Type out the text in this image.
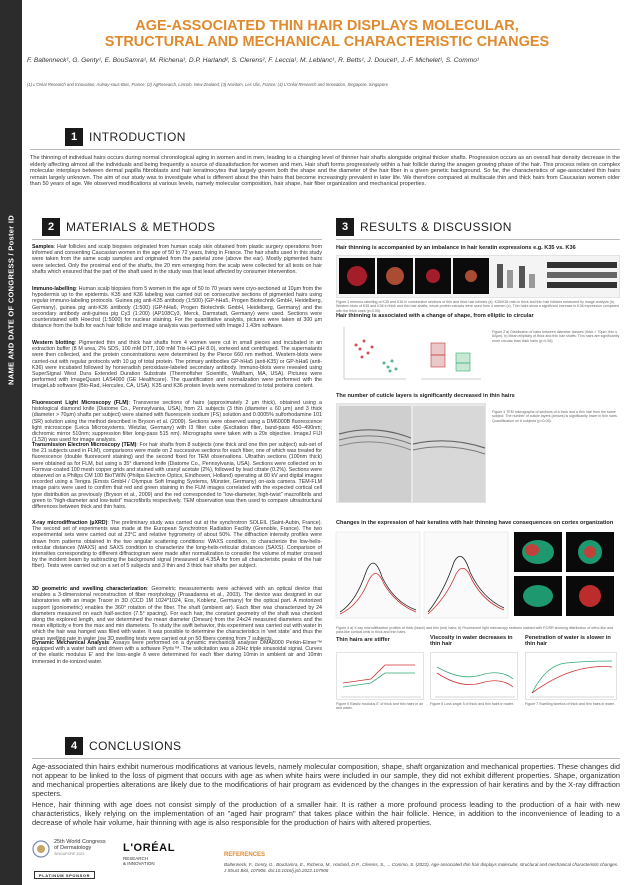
NAME AND DATE OF CONGRESS / Poster ID
AGE-ASSOCIATED THIN HAIR DISPLAYS MOLECULAR,
STRUCTURAL AND MECHANICAL CHARACTERISTIC CHANGES
F. Baltenneck¹, G. Genty¹, E. BouSamra¹, M. Richena¹, D.P. Harland², S. Clerens², F. Leccia¹, M. Leblanc¹, R. Betts¹, J. Doucet¹, J.-F. Michelet¹, S. Commo¹
(1) L'Oréal Research and Innovation, Aulnay-sous-Bois, France; (2) AgResearch, Lincoln, New-Zealand; (3) Novitom, Les Ulis, France; (4) L'Oréal Research and Innovation, Singapore, Singapore
1 INTRODUCTION
The thinning of individual hairs occurs during normal chronological aging in women and in men, leading to a changing level of thinner hair shafts alongside original thicker shafts. Progression occurs as an overall hair density decrease in the elderly affecting almost all the individuals and being frequently a source of dissatisfaction for women and men. Hair shaft forms progressively within a hair follicle during the anagen growing phase of the hair. This process relies on complex molecular interplays between dermal papilla fibroblasts and hair keratinocytes that largely govern both the shape and the diameter of the hair fiber in a given genetic background. So far, the characteristics of age-associated thin hairs remain largely unknown. The aim of our study was to investigate what is different about the thin hairs that become increasingly prevalent in later life. We therefore compared at multiscale thin and thick hairs from Caucasian women older than 50 years of age. We observed modifications at various levels, namely molecular composition, hair shape, hair fiber organization and mechanical properties.
2 MATERIALS & METHODS
Samples: Hair follicles and scalp biopsies originated from human scalp skin obtained from plastic surgery operations from informed and consenting Caucasian women in the age of 50 to 72 years, living in France. The hair shafts used in this study were taken from the same scalp samples and originated from the parietal zone (above the ear). Mostly pigmented hairs were selected. Only the proximal end of the shafts, the 20 mm emerging from the scalp were collected for all tests on hair shafts which ensured that the part of the shaft used in the study was that least affected by consumer intervention.
Immuno-labelling: Human scalp biopsies from 5 women in the age of 50 to 70 years were cryo-sectioned at 10µm from the hypodermis up to the epidermis. K35 and K36 labeling was carried out on consecutive sections of pigmented hairs using regular immuno-labeling protocols. Guinea pig anti-K35 antibody (1:500) (GP-hHa5, Progen Biotechnik GmbH, Heidelberg, Germany), guinea pig anti-K36 antibody (1:500) (GP-hHa6, Progen Biotechnik GmbH, Heidelberg, Germany) and the secondary antibody anti-guinea pig Cy3 (1:200) (AP108Cy3, Merck, Darmstadt, Germany) were used. Sections were counterstained with Hoechst (1:5000) for nuclear staining. For the quantitative analysis, pictures were taken at 300 µm distance from the bulb for each hair follicle and image analysis was performed with ImageJ 1.43m software.
Western blotting: Pigmented thin and thick hair shafts from 4 women were cut in small pieces and incubated in an extraction buffer (8 M urea, 2% SDS, 100 mM DTT, 100 mM Tris-HCl pH 8.0), vortexed and centrifuged. The supernatants were then collected, and the protein concentrations were determined by the Pierce 660 nm method. Western-blots were carried-out with regular protocols with 10 µg of total protein. The primary antibodies GP-hHa5 (anti-K35) or GP-hHa6 (anti-K36) were incubated followed by horseradish peroxidase-labeled secondary antibody. Immuno-blots were revealed using SuperSignal West Dura Extended Duration Substrate (Thermofisher Scientific, Waltham, MA, USA). Pictures were performed with ImageQuant LAS4000 (GE Healthcare). The quantification and normalization were performed with the ImageLab software (Bio-Rad, Hercules, CA, USA). K35 and K36 protein levels were normalized to total proteins content.
Fluorescent Light Microscopy (FLM): Transverse sections of hairs (approximately 2 µm thick), obtained using a histological diamond knife (Diatome Co., Pennsylvania, USA), from 21 subjects (3 thin (diameter ≤ 60 µm) and 3 thick (diameter > 70µm) shafts per subject) were stained with fluorescein sodium (FS) solution and 0.0005% sulforhodamine 101 (SR) solution using the method described in Bryson et al. (2009). Sections were observed using a DM6000B fluorescence light microscope (Leica Microsystems, Wetzlar, Germany) with I3 filter cube (Excitation filter, band-pass 450–490nm; dichromic mirror 510nm; suppression filter long-pass 515 nm). Micrographs were taken with a 20x objective. ImageJ FIJI (1.52i) was used for image analysis.
Transmission Electron Microscopy (TEM): For hair shafts from 8 subjects (one thick and one thin per subject) sub-set of the 21 subjects used in FLM), comparisons were made on 2 successive sections for each fiber, one of which was treated for fluorescence (double fluorescent staining) and the second fixed for TEM observations. Ultrathin sections (100nm thick) were obtained as for FLM, but using a 35° diamond knife (Diatome Co., Pennsylvania, USA). Sections were collected on to Formvar-coated 100 mesh copper grids and stained with uranyl acetate (2%), followed by lead citrate (0.2%). Sections were observed on a Philips CM 100 BioTWIN (Philips Electron Optics, Eindhoven, Holland) operating at 80 kV and digital images recorded using a Tengra (Emsis GmbH / Olympus Soft Imaging Systems, Münster, Germany) on-axis camera. TEM-FLM image pairs were used to confirm that red and green staining in the FLM images correlated with the expected cortical cell type distribution as previously (Bryson et al., 2009) and the red corresponded to "low-diameter, high-twist" macrofibrils and green to "high-diameter and low-twist" macrofibrils respectively. TEM observation was then used to compare ultrastructural differences between thick and thin hairs.
X-ray microdiffraction (µXRD): The preliminary study was carried out at the synchrotron SOLEIL (Saint-Aubin, France). The second set of experiments was made at the European Synchrotron Radiation Facility (Grenoble, France). The two experimental sets were carried out at 23°C and relative hygrometry of about 50%. The diffraction intensity profiles were drawn from patterns obtained in the two angular scattering conditions: WAXS condition, to characterize the low-helix-reticular distances (WAXS) and SAXS condition to characterize the long-helix-reticular distances (SAXS). Comparison of intensities corresponding to different diffractogram were made after normalization to consider the volume of matter crossed by the incident beam by subtracting the background signal (measured at 4.35Å for from all characteristic peaks of the hair fiber). Tests were carried out on a set of 5 subjects and 3 thin and 3 thick hair shafts per subject.
3D geometric and swelling characterization: Geometric measurements were achieved with an optical device that enables a 3-dimensional reconstruction of fiber morphology (Prasadanna et al., 2003). The device was designed in our laboratories with an image Tracer in 3D (CCD 1M 1024*1024, Eos, Koblenz, Germany) for the optical part. A motorized support (goniometric) enables the 360° rotation of the fiber. The shaft (ambient air). Each fiber was characterized by 24 diameters measured on each half-section (7.5° spacing). For each hair, the constant geometry of the shaft was checked along the explored length, and we determined the mean diameter (Dmean) from the 24x24 measured diameters and the mean ellipticity e from the max and min diameters. To study the swift behavior, this experiment was carried out with water in which the hair was hanged was filled with water. It was possible to determine the characteristics in 'wet state' and thus the mean swelling rate in water (sw 3D swelling tests were carried out on 50 fibers coming from 7 subjects.
Dynamic Mechanical Analysis: Assays were performed on a dynamic mechanical analyser DMA8000 Perkin-Elmer™ equipped with a water bath and driven with a software Pyris™. The solicitation was a 20Hz triple sinusoidal signal. Curves of the elastic modulus E' and the loss-angle δ were determined for each fiber during 10min in ambient air and 10min immersed in de-ionized water.
3 RESULTS & DISCUSSION
Hair thinning is accompanied by an imbalance in hair keratin expressions e.g. K35 vs. K36
Figure 1 Immuno-labelling of K35 and K36 in consecutive sections of thin and thick hair follicles (a). K35/K36 ratio in thick and thin hair follicles measured by image analysis (b). Western blots of K35 and K36 in thick and thin hair shafts; whole protein extracts were used from 4 women (c). Thin hairs show a significant increase in K36 expression compared with the thick ones (p<0.05).
Hair thinning is associated with a change of shape, from elliptic to circular
Figure 2 a) Distribution of hairs between diameter classes (thick > 70µm; thin ≤ 60µm). b) Mean ellipticity of thick and thin hair shafts. Thin hairs are significantly more circular than thick hairs (p<0.05).
The number of cuticle layers is significantly decreased in thin hairs
Figure 3 TEM micrographs of sections of a thick and a thin hair from the same subject. The number of cuticle layers (arrows) is significantly lower in thin hairs. Quantification on 8 subjects (p<0.05).
Changes in the expression of hair keratins with hair thinning have consequences on cortex organization
Figure 4 a) X-ray microdiffraction profiles of thick (black) and thin (red) hairs; b) Fluorescent light microscopy sections stained with FS/SR showing distribution of ortho-like and para-like cortical cells in thick and thin hairs.
Thin hairs are stiffer	Viscosity in water decreases in thin hair
Penetration of water is slower in thin hair
Figure 5 Elastic modulus E' of thick and thin hairs in air and water.
Figure 6 Loss angle δ of thick and thin hairs in water.	Figure 7 Swelling kinetics of thick and thin hairs in water.
4 CONCLUSIONS
Age-associated thin hairs exhibit numerous modifications at various levels, namely molecular composition, shape, shaft organization and mechanical properties. These changes did not appear to be linked to the loss of pigment that occurs with age as when white hairs were included in our sample, they did not exhibit different properties. Shape, organization and mechanical properties alterations are likely due to the modifications of hair program as evidenced by the changes in the expression of hair keratins and by the X-ray diffraction specters.
Hence, hair thinning with age does not consist simply of the production of a smaller hair. It is rather a more profound process leading to the production of a hair with new characteristics, likely relying on the implementation of an "aged hair program" that takes place within the hair follicle. Hence, in addition to the inconvenience of leading to a decrease of whole hair volume, hair thinning with age is also responsible for the production of hairs with altered properties.
25th World Congress
of Dermatology
SINGAPORE 2023
PLATINUM SPONSOR
L'ORÉAL
RESEARCH
& INNOVATION
REFERENCES
Baltenneck, F., Genty, G., BouSamra, E., Richena, M., Harland, D.P., Clerens, S., ... Commo, S. (2022). Age-associated thin hair displays molecular, structural and mechanical characteristic changes. J Struct Biol, 107906. doi:10.1016/j.jsb.2022.107906
